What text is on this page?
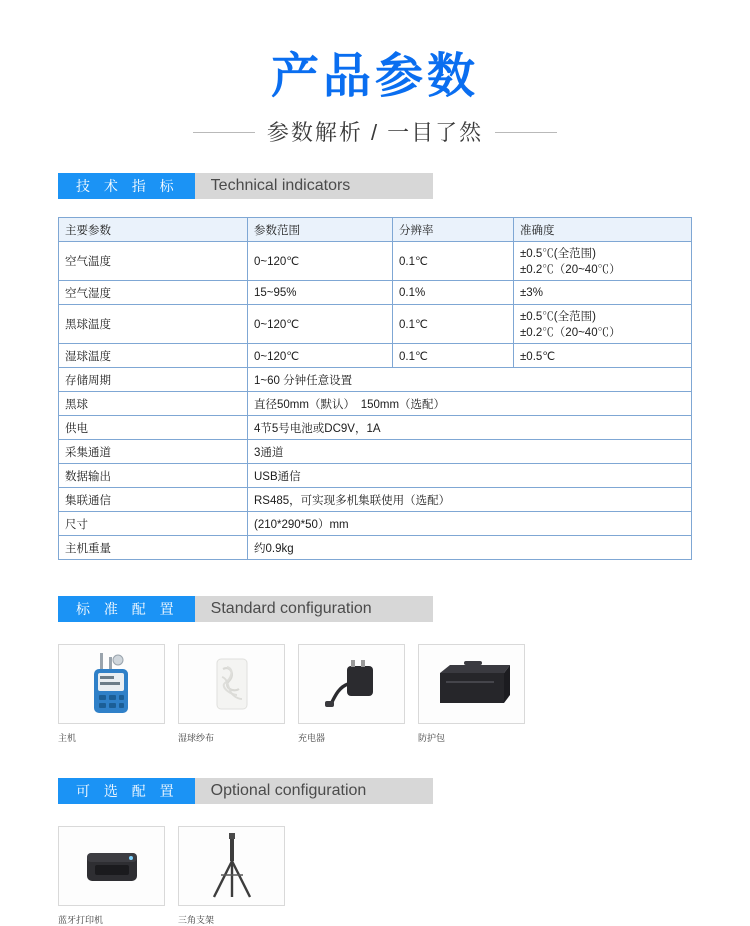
产品参数
参数解析 / 一目了然
技 术 指 标	Technical indicators
主要参数	参数范围	分辨率	准确度
空气温度	0~120℃	0.1℃	±0.5℃(全范围) ±0.2℃（20~40℃）
空气湿度	15~95%	0.1%	±3%
黑球温度	0~120℃	0.1℃	±0.5℃(全范围) ±0.2℃（20~40℃）
湿球温度	0~120℃	0.1℃	±0.5℃
存储周期	1~60 分钟任意设置		
黑球	直径50mm（默认）　150mm（选配）		
供电	4节5号电池或DC9V，1A		
采集通道	3通道		
数据输出	USB通信		
集联通信	RS485，可实现多机集联使用（选配）		
尺寸	(210*290*50）mm		
主机重量	约0.9kg		
标 准 配 置	Standard configuration
主机	湿球纱布	充电器	防护包
可 选 配 置	Optional configuration
蓝牙打印机	三角支架
